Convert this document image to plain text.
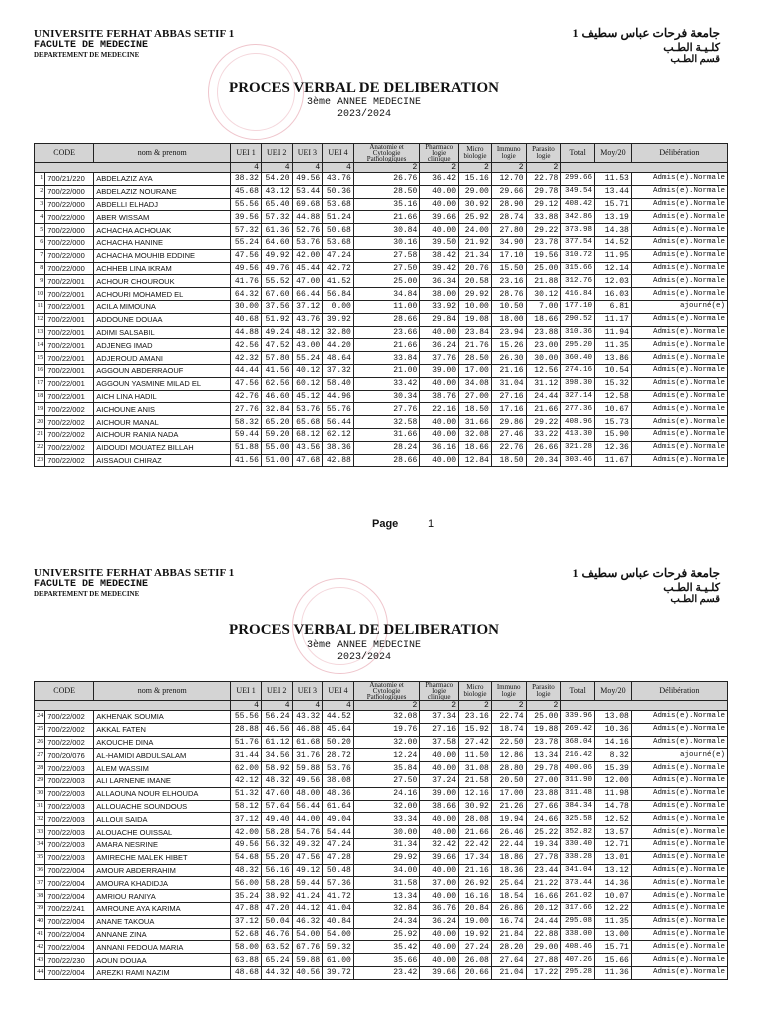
UNIVERSITE FERHAT ABBAS SETIF 1
FACULTE DE MEDECINE
DEPARTEMENT DE MEDECINE
جامعة فرحات عباس سطيف 1
كلـيـة الطـب
قسم الطـب
PROCES VERBAL DE DELIBERATION
3ème ANNEE MEDECINE
2023/2024
CODE		nom & prenom	UEI 1	UEI 2	UEI 3	UEI 4	Anatomie et Cytologie Pathologiques	Pharmaco logie clinique	Micro biologie	Immuno logie	Parasito logie	Total	Moy/20	Délibération
			4	4	4	4	2	2	2	2	2			
1	700/21/220	ABDELAZIZ AYA	38.32	54.20	49.56	43.76	26.76	36.42	15.16	12.70	22.78	299.66	11.53	Admis(e).Normale
2	700/22/000	ABDELAZIZ NOURANE	45.68	43.12	53.44	50.36	28.50	40.00	29.00	29.66	29.78	349.54	13.44	Admis(e).Normale
3	700/22/000	ABDELLI ELHADJ	55.56	65.40	69.68	53.68	35.16	40.00	30.92	28.90	29.12	408.42	15.71	Admis(e).Normale
4	700/22/000	ABER WISSAM	39.56	57.32	44.88	51.24	21.66	39.66	25.92	28.74	33.88	342.86	13.19	Admis(e).Normale
5	700/22/000	ACHACHA ACHOUAK	57.32	61.36	52.76	50.68	30.84	40.00	24.00	27.80	29.22	373.98	14.38	Admis(e).Normale
6	700/22/000	ACHACHA HANINE	55.24	64.60	53.76	53.68	30.16	39.50	21.92	34.90	23.78	377.54	14.52	Admis(e).Normale
7	700/22/000	ACHACHA MOUHIB EDDINE	47.56	49.92	42.00	47.24	27.58	38.42	21.34	17.10	19.56	310.72	11.95	Admis(e).Normale
8	700/22/000	ACHHEB LINA IKRAM	49.56	49.76	45.44	42.72	27.50	39.42	20.76	15.50	25.00	315.66	12.14	Admis(e).Normale
9	700/22/001	ACHOUR CHOUROUK	41.76	55.52	47.00	41.52	25.00	36.34	20.58	23.16	21.88	312.76	12.03	Admis(e).Normale
10	700/22/001	ACHOURI MOHAMED EL	64.32	67.60	66.44	56.84	34.84	38.00	29.92	28.76	30.12	416.84	16.03	Admis(e).Normale
11	700/22/001	ACILA MIMOUNA	30.00	37.56	37.12	0.00	11.00	33.92	10.00	10.50	7.00	177.10	6.81	ajourné(e)
12	700/22/001	ADDOUNE DOUAA	40.68	51.92	43.76	39.92	28.66	29.84	19.08	18.00	18.66	290.52	11.17	Admis(e).Normale
13	700/22/001	ADIMI SALSABIL	44.88	49.24	48.12	32.80	23.66	40.00	23.84	23.94	23.88	310.36	11.94	Admis(e).Normale
14	700/22/001	ADJENEG IMAD	42.56	47.52	43.00	44.20	21.66	36.24	21.76	15.26	23.00	295.20	11.35	Admis(e).Normale
15	700/22/001	ADJEROUD AMANI	42.32	57.80	55.24	48.64	33.84	37.76	28.50	26.30	30.00	360.40	13.86	Admis(e).Normale
16	700/22/001	AGGOUN ABDERRAOUF	44.44	41.56	40.12	37.32	21.00	39.00	17.00	21.16	12.56	274.16	10.54	Admis(e).Normale
17	700/22/001	AGGOUN YASMINE MILAD EL	47.56	62.56	60.12	58.40	33.42	40.00	34.08	31.04	31.12	398.30	15.32	Admis(e).Normale
18	700/22/001	AICH LINA HADIL	42.76	46.60	45.12	44.96	30.34	38.76	27.00	27.16	24.44	327.14	12.58	Admis(e).Normale
19	700/22/002	AICHOUNE ANIS	27.76	32.84	53.76	55.76	27.76	22.16	18.50	17.16	21.66	277.36	10.67	Admis(e).Normale
20	700/22/002	AICHOUR MANAL	58.32	65.20	65.68	56.44	32.58	40.00	31.66	29.86	29.22	408.96	15.73	Admis(e).Normale
21	700/22/002	AICHOUR RANIA NADA	59.44	59.20	68.12	62.12	31.66	40.00	32.08	27.46	33.22	413.30	15.90	Admis(e).Normale
22	700/22/002	AIDOUDI MOUATEZ BILLAH	51.88	55.00	43.56	38.36	28.24	36.16	18.66	22.76	26.66	321.28	12.36	Admis(e).Normale
23	700/22/002	AISSAOUI CHIRAZ	41.56	51.00	47.68	42.88	28.66	40.00	12.84	18.50	20.34	303.46	11.67	Admis(e).Normale
Page	1
UNIVERSITE FERHAT ABBAS SETIF 1
FACULTE DE MEDECINE
DEPARTEMENT DE MEDECINE
جامعة فرحات عباس سطيف 1
كلـيـة الطـب
قسم الطـب
PROCES VERBAL DE DELIBERATION
3ème ANNEE MEDECINE
2023/2024
CODE		nom & prenom	UEI 1	UEI 2	UEI 3	UEI 4	Anatomie et Cytologie Pathologiques	Pharmaco logie clinique	Micro biologie	Immuno logie	Parasito logie	Total	Moy/20	Délibération
			4	4	4	4	2	2	2	2	2			
24	700/22/002	AKHENAK SOUMIA	55.56	56.24	43.32	44.52	32.08	37.34	23.16	22.74	25.00	339.96	13.08	Admis(e).Normale
25	700/22/002	AKKAL FATEN	28.88	46.56	46.88	45.64	19.76	27.16	15.92	18.74	19.88	269.42	10.36	Admis(e).Normale
26	700/22/002	AKOUCHE DINA	51.76	61.12	61.68	50.20	32.00	37.58	27.42	22.50	23.78	368.04	14.16	Admis(e).Normale
27	700/20/076	AL-HAMIDI ABDULSALAM	31.44	34.56	31.76	28.72	12.24	40.00	11.50	12.86	13.34	216.42	8.32	ajourné(e)
28	700/22/003	ALEM WASSIM	62.00	58.92	59.88	53.76	35.84	40.00	31.08	28.80	29.78	400.06	15.39	Admis(e).Normale
29	700/22/003	ALI LARNENE IMANE	42.12	48.32	49.56	38.08	27.50	37.24	21.58	20.50	27.00	311.90	12.00	Admis(e).Normale
30	700/22/003	ALLAOUNA NOUR ELHOUDA	51.32	47.60	48.00	48.36	24.16	39.00	12.16	17.00	23.88	311.48	11.98	Admis(e).Normale
31	700/22/003	ALLOUACHE SOUNDOUS	58.12	57.64	56.44	61.64	32.00	38.66	30.92	21.26	27.66	384.34	14.78	Admis(e).Normale
32	700/22/003	ALLOUI SAIDA	37.12	49.40	44.00	49.04	33.34	40.00	28.08	19.94	24.66	325.58	12.52	Admis(e).Normale
33	700/22/003	ALOUACHE OUISSAL	42.00	58.28	54.76	54.44	30.00	40.00	21.66	26.46	25.22	352.82	13.57	Admis(e).Normale
34	700/22/003	AMARA NESRINE	49.56	56.32	49.32	47.24	31.34	32.42	22.42	22.44	19.34	330.40	12.71	Admis(e).Normale
35	700/22/003	AMIRECHE MALEK HIBET	54.68	55.20	47.56	47.28	29.92	39.66	17.34	18.86	27.78	338.28	13.01	Admis(e).Normale
36	700/22/004	AMOUR ABDERRAHIM	48.32	56.16	49.12	50.48	34.00	40.00	21.16	18.36	23.44	341.04	13.12	Admis(e).Normale
37	700/22/004	AMOURA KHADIDJA	56.00	58.28	59.44	57.36	31.58	37.00	26.92	25.64	21.22	373.44	14.36	Admis(e).Normale
38	700/22/004	AMRIOU RANIYA	35.24	38.92	41.24	41.72	13.34	40.00	16.16	18.54	16.66	261.02	10.07	Admis(e).Normale
39	700/22/241	AMROUNE AYA KARIMA	47.88	47.20	44.12	41.04	32.84	36.76	20.84	26.86	20.12	317.66	12.22	Admis(e).Normale
40	700/22/004	ANANE TAKOUA	37.12	50.04	46.32	40.84	24.34	36.24	19.00	16.74	24.44	295.08	11.35	Admis(e).Normale
41	700/22/004	ANNANE ZINA	52.68	46.76	54.00	54.00	25.92	40.00	19.92	21.84	22.88	338.00	13.00	Admis(e).Normale
42	700/22/004	ANNANI FEDOUA MARIA	58.00	63.52	67.76	59.32	35.42	40.00	27.24	28.20	29.00	408.46	15.71	Admis(e).Normale
43	700/22/230	AOUN DOUAA	63.88	65.24	59.88	61.00	35.66	40.00	26.08	27.64	27.88	407.26	15.66	Admis(e).Normale
44	700/22/004	AREZKI RAMI NAZIM	48.68	44.32	40.56	39.72	23.42	39.66	20.66	21.04	17.22	295.28	11.36	Admis(e).Normale
